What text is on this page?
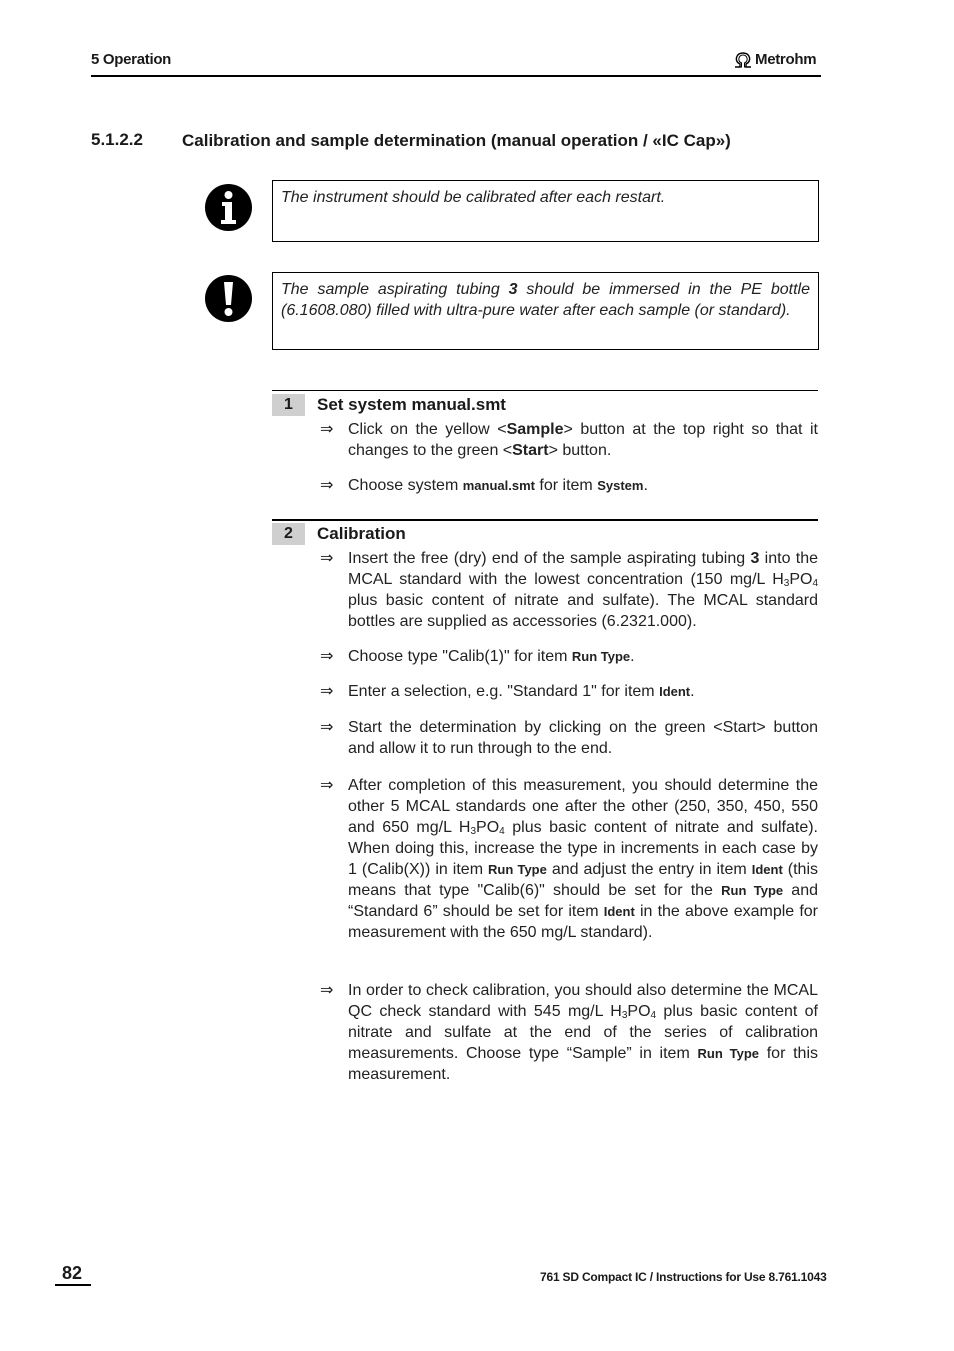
5 Operation	Metrohm
5.1.2.2 Calibration and sample determination (manual operation / «IC Cap»)
The instrument should be calibrated after each restart.
The sample aspirating tubing 3 should be immersed in the PE bottle (6.1608.080) filled with ultra-pure water after each sample (or standard).
1	Set system manual.smt
⇒ Click on the yellow <Sample> button at the top right so that it changes to the green <Start> button.
⇒ Choose system manual.smt for item System.
2	Calibration
⇒ Insert the free (dry) end of the sample aspirating tubing 3 into the MCAL standard with the lowest concentration (150 mg/L $H_3PO_4$ plus basic content of nitrate and sulfate). The MCAL standard bottles are supplied as accessories (6.2321.000).
⇒ Choose type "Calib(1)" for item Run Type.
⇒ Enter a selection, e.g. "Standard 1" for item Ident.
⇒ Start the determination by clicking on the green <Start> button and allow it to run through to the end.
⇒ After completion of this measurement, you should determine the other 5 MCAL standards one after the other (250, 350, 450, 550 and 650 mg/L $H_3PO_4$ plus basic content of nitrate and sulfate). When doing this, increase the type in increments in each case by 1 (Calib(X)) in item Run Type and adjust the entry in item Ident (this means that type "Calib(6)" should be set for the Run Type and “Standard 6” should be set for item Ident in the above example for measurement with the 650 mg/L standard).
⇒ In order to check calibration, you should also determine the MCAL QC check standard with 545 mg/L $H_3PO_4$ plus basic content of nitrate and sulfate at the end of the series of calibration measurements. Choose type “Sample” in item Run Type for this measurement.
82	761 SD Compact IC / Instructions for Use 8.761.1043
